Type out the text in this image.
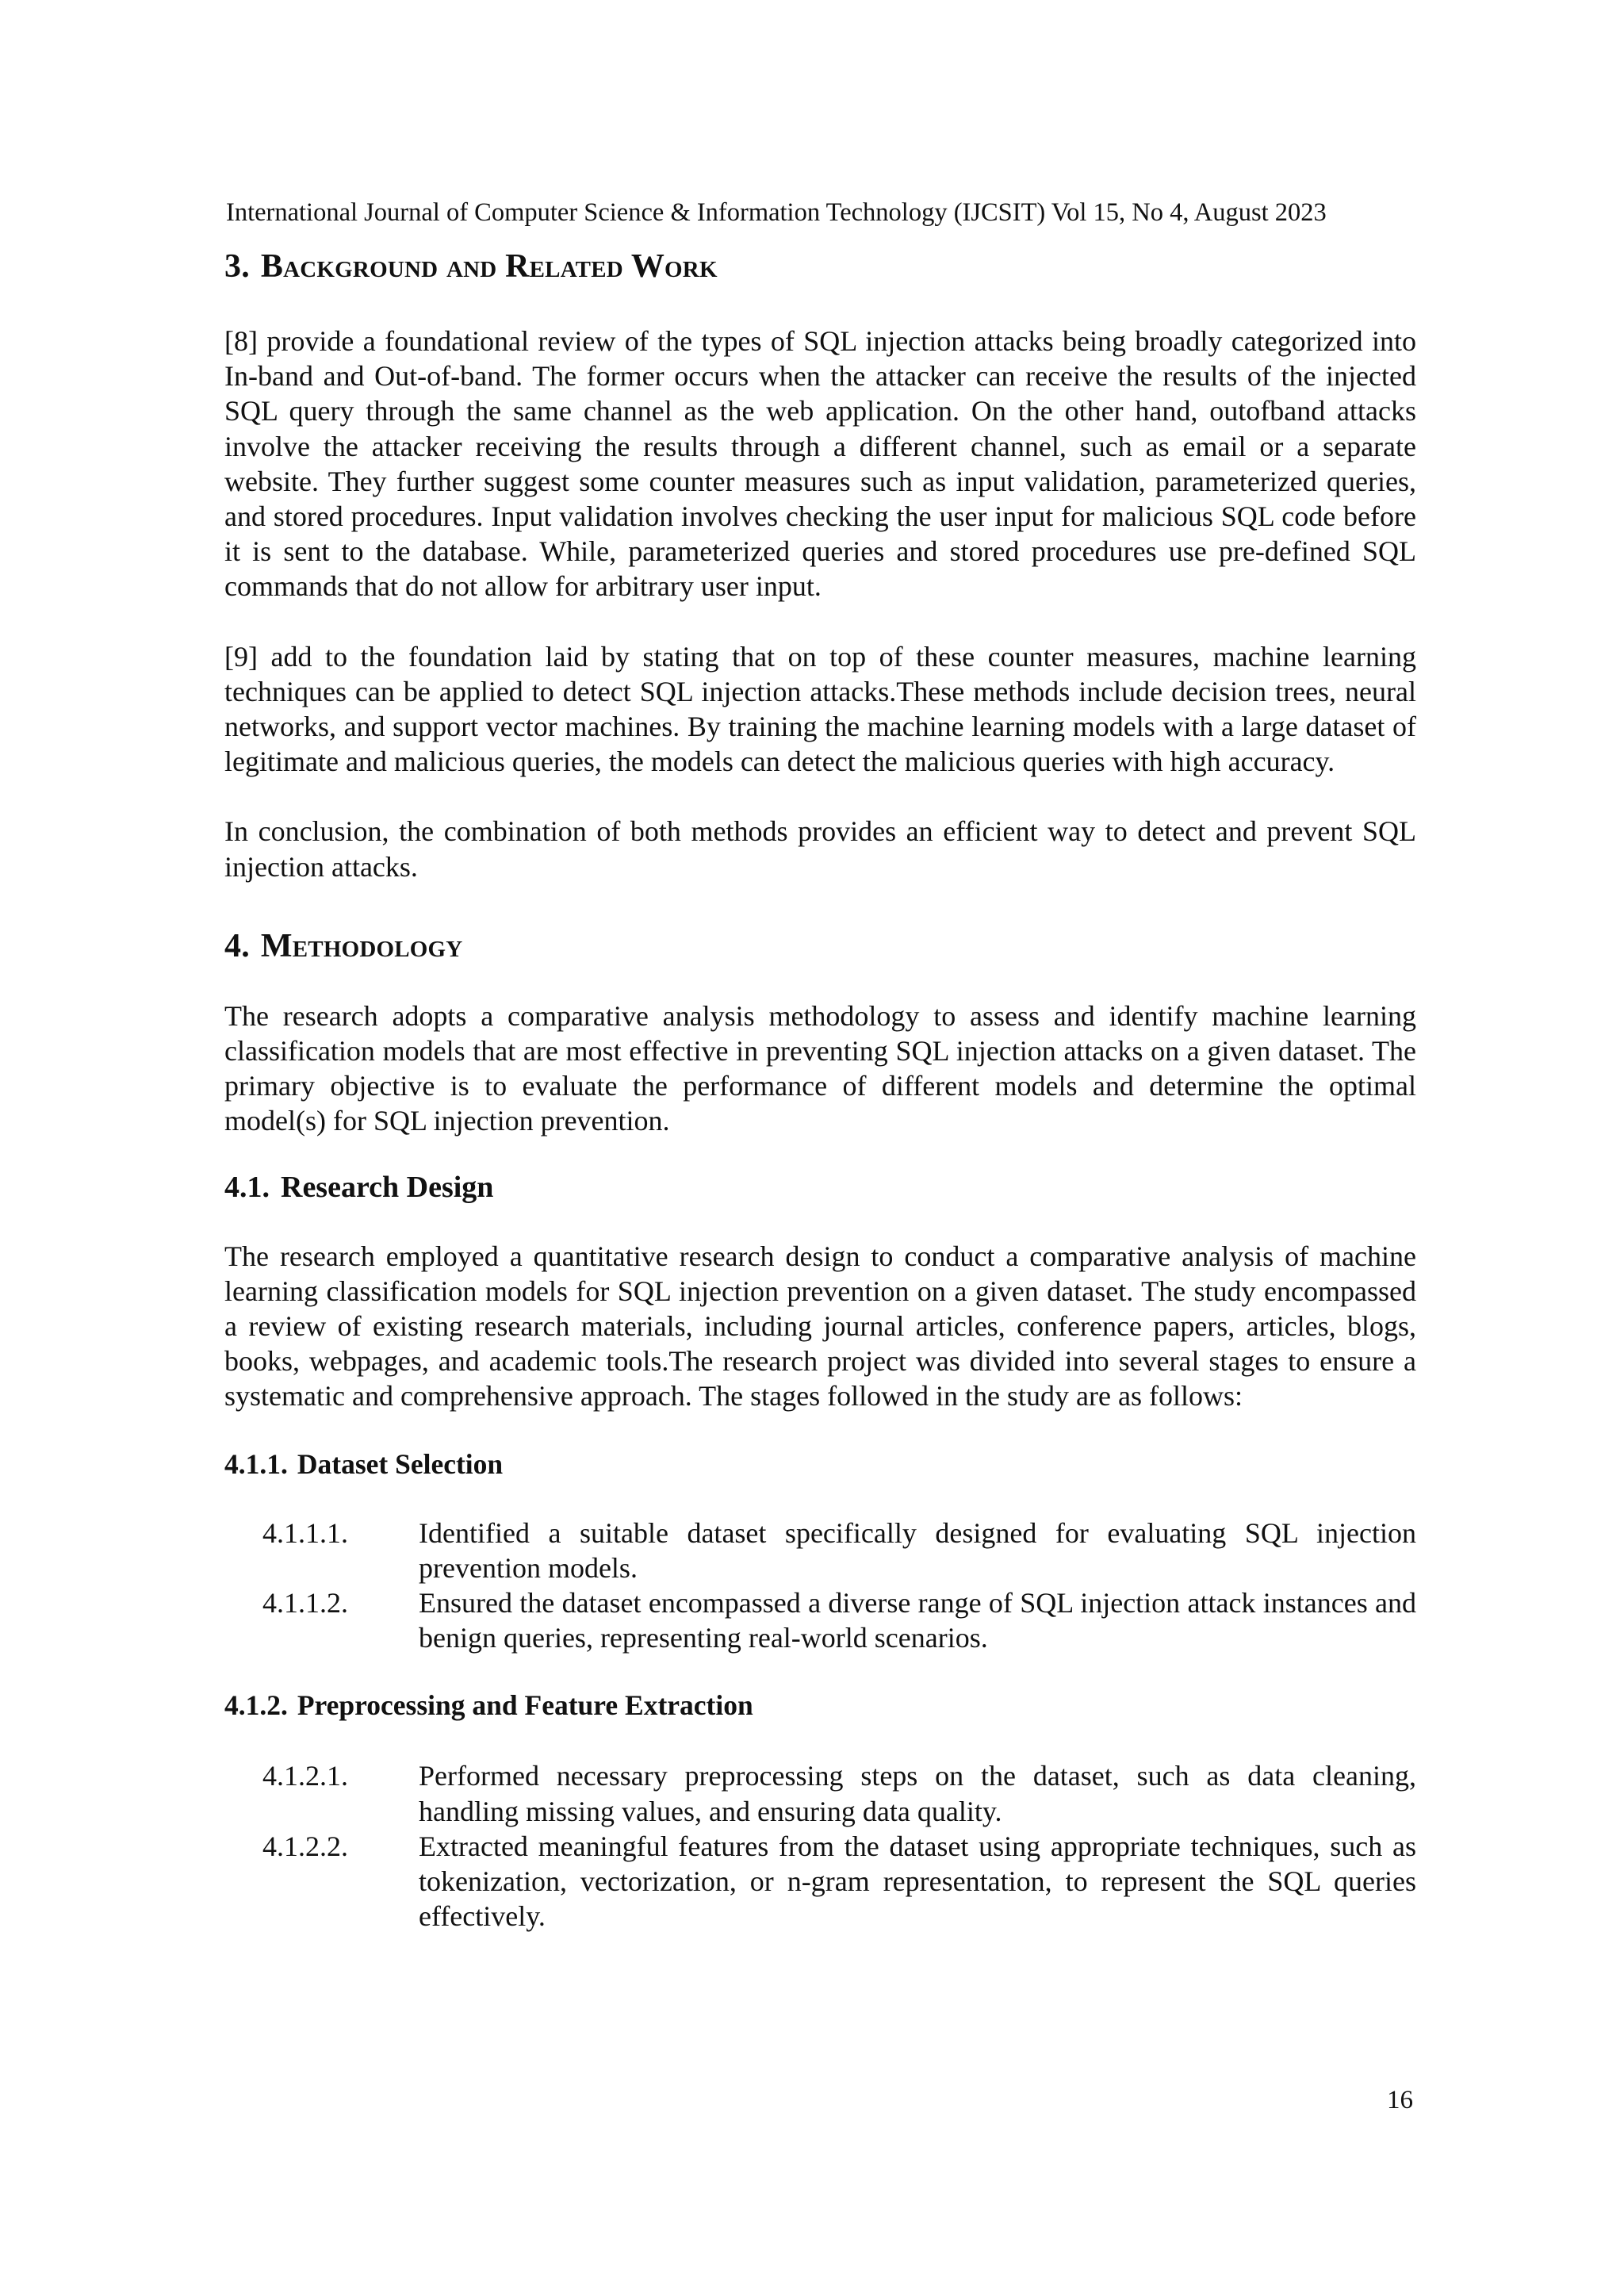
International Journal of Computer Science & Information Technology (IJCSIT) Vol 15, No 4, August 2023
3. Background and Related Work

[8] provide a foundational review of the types of SQL injection attacks being broadly categorized into In-band and Out-of-band. The former occurs when the attacker can receive the results of the injected SQL query through the same channel as the web application. On the other hand, outofband attacks involve the attacker receiving the results through a different channel, such as email or a separate website. They further suggest some counter measures such as input validation, parameterized queries, and stored procedures. Input validation involves checking the user input for malicious SQL code before it is sent to the database. While, parameterized queries and stored procedures use pre-defined SQL commands that do not allow for arbitrary user input.

[9] add to the foundation laid by stating that on top of these counter measures, machine learning techniques can be applied to detect SQL injection attacks.These methods include decision trees, neural networks, and support vector machines. By training the machine learning models with a large dataset of legitimate and malicious queries, the models can detect the malicious queries with high accuracy.

In conclusion, the combination of both methods provides an efficient way to detect and prevent SQL injection attacks.

4. Methodology

The research adopts a comparative analysis methodology to assess and identify machine learning classification models that are most effective in preventing SQL injection attacks on a given dataset. The primary objective is to evaluate the performance of different models and determine the optimal model(s) for SQL injection prevention.

4.1. Research Design

The research employed a quantitative research design to conduct a comparative analysis of machine learning classification models for SQL injection prevention on a given dataset. The study encompassed a review of existing research materials, including journal articles, conference papers, articles, blogs, books, webpages, and academic tools.The research project was divided into several stages to ensure a systematic and comprehensive approach. The stages followed in the study are as follows:

4.1.1. Dataset Selection
4.1.1.1.	Identified a suitable dataset specifically designed for evaluating SQL injection prevention models.
4.1.1.2.	Ensured the dataset encompassed a diverse range of SQL injection attack instances and benign queries, representing real-world scenarios.
4.1.2. Preprocessing and Feature Extraction
4.1.2.1.	Performed necessary preprocessing steps on the dataset, such as data cleaning, handling missing values, and ensuring data quality.
4.1.2.2.	Extracted meaningful features from the dataset using appropriate techniques, such as tokenization, vectorization, or n-gram representation, to represent the SQL queries effectively.
16
